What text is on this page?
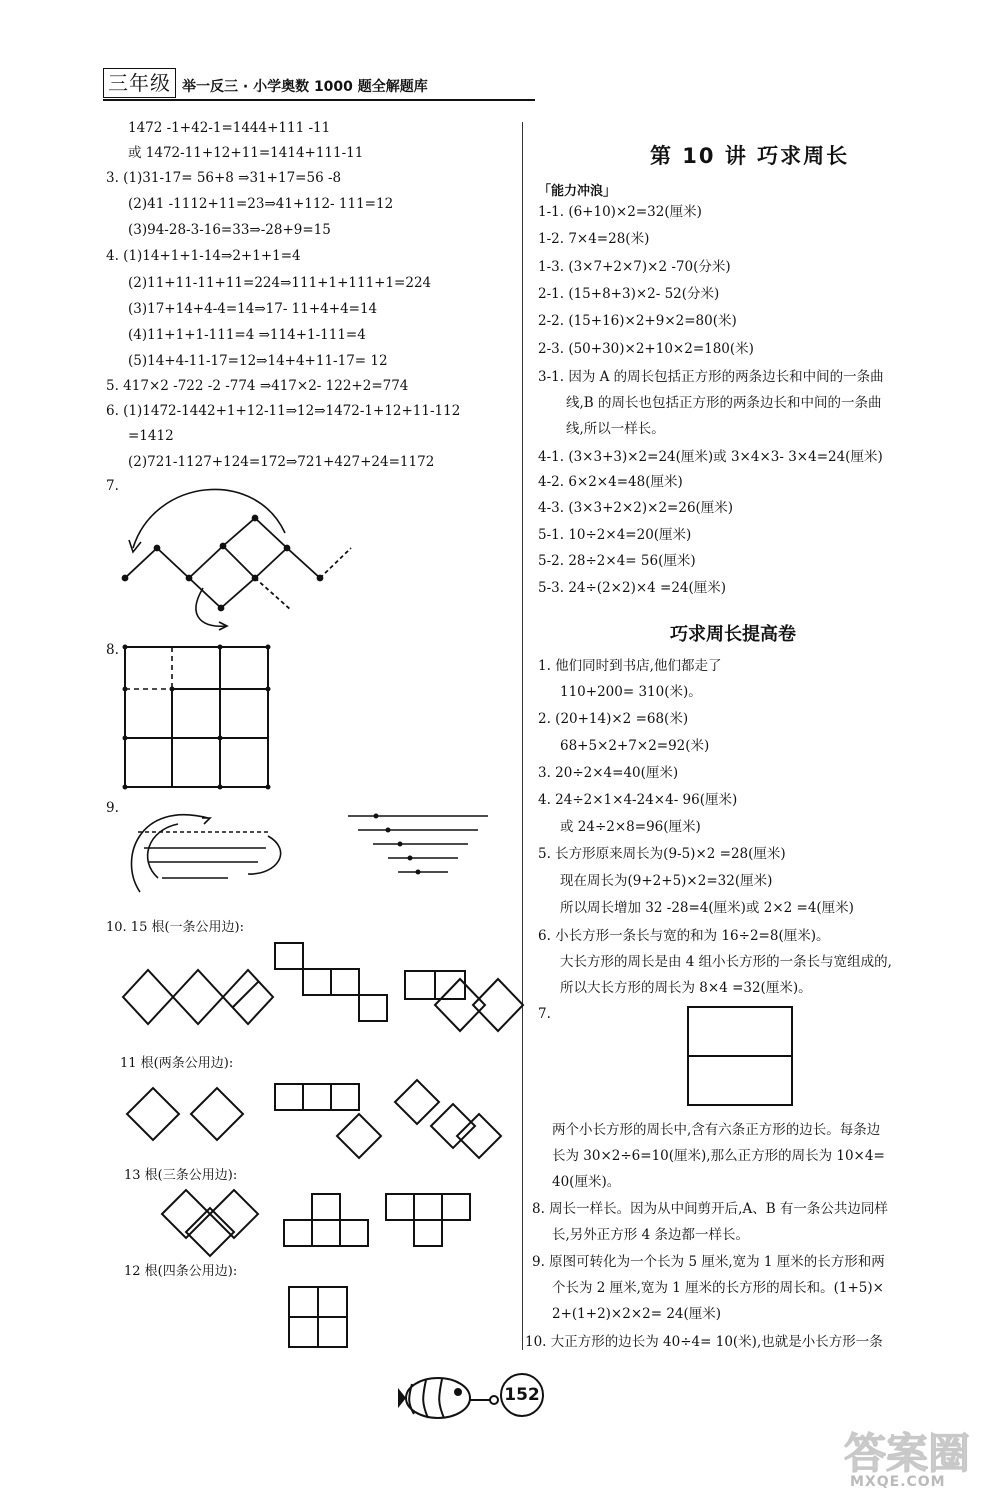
三年级 举一反三 · 小学奥数 1000 题全解题库
1472 -1+42-1=1444+111 -11
或 1472-11+12+11=1414+111-11
3. (1)31-17= 56+8 ⇒31+17=56 -8
(2)41 -1112+11=23⇒41+112- 111=12
(3)94-28-3-16=33⇒-28+9=15
4. (1)14+1+1-14⇒2+1+1=4
(2)11+11-11+11=224⇒111+1+111+1=224
(3)17+14+4-4=14⇒17- 11+4+4=14
(4)11+1+1-111=4 ⇒114+1-111=4
(5)14+4-11-17=12⇒14+4+11-17= 12
5. 417×2 -722 -2 -774 ⇒417×2- 122+2=774
6. (1)1472-1442+1+12-11⇒12⇒1472-1+12+11-112
=1412
(2)721-1127+124=172⇒721+427+24=1172
7.
8.
9.
10. 15 根(一条公用边):
11 根(两条公用边):
13 根(三条公用边):
12 根(四条公用边):
第 10 讲 巧求周长
「能力冲浪」
1-1. (6+10)×2=32(厘米)
1-2. 7×4=28(米)
1-3. (3×7+2×7)×2 -70(分米)
2-1. (15+8+3)×2- 52(分米)
2-2. (15+16)×2+9×2=80(米)
2-3. (50+30)×2+10×2=180(米)
3-1. 因为 A 的周长包括正方形的两条边长和中间的一条曲
线,B 的周长也包括正方形的两条边长和中间的一条曲
线,所以一样长。
4-1. (3×3+3)×2=24(厘米)或 3×4×3- 3×4=24(厘米)
4-2. 6×2×4=48(厘米)
4-3. (3×3+2×2)×2=26(厘米)
5-1. 10÷2×4=20(厘米)
5-2. 28÷2×4= 56(厘米)
5-3. 24÷(2×2)×4 =24(厘米)
巧求周长提高卷
1. 他们同时到书店,他们都走了
110+200= 310(米)。
2. (20+14)×2 =68(米)
68+5×2+7×2=92(米)
3. 20÷2×4=40(厘米)
4. 24÷2×1×4-24×4- 96(厘米)
或 24÷2×8=96(厘米)
5. 长方形原来周长为(9-5)×2 =28(厘米)
现在周长为(9+2+5)×2=32(厘米)
所以周长增加 32 -28=4(厘米)或 2×2 =4(厘米)
6. 小长方形一条长与宽的和为 16÷2=8(厘米)。
大长方形的周长是由 4 组小长方形的一条长与宽组成的,
所以大长方形的周长为 8×4 =32(厘米)。
7.
两个小长方形的周长中,含有六条正方形的边长。每条边
长为 30×2÷6=10(厘米),那么正方形的周长为 10×4=
40(厘米)。
8. 周长一样长。因为从中间剪开后,A、B 有一条公共边同样
长,另外正方形 4 条边都一样长。
9. 原图可转化为一个长为 5 厘米,宽为 1 厘米的长方形和两
个长为 2 厘米,宽为 1 厘米的长方形的周长和。(1+5)×
2+(1+2)×2×2= 24(厘米)
10. 大正方形的边长为 40÷4= 10(米),也就是小长方形一条
152
答案圈
MXQE.COM
